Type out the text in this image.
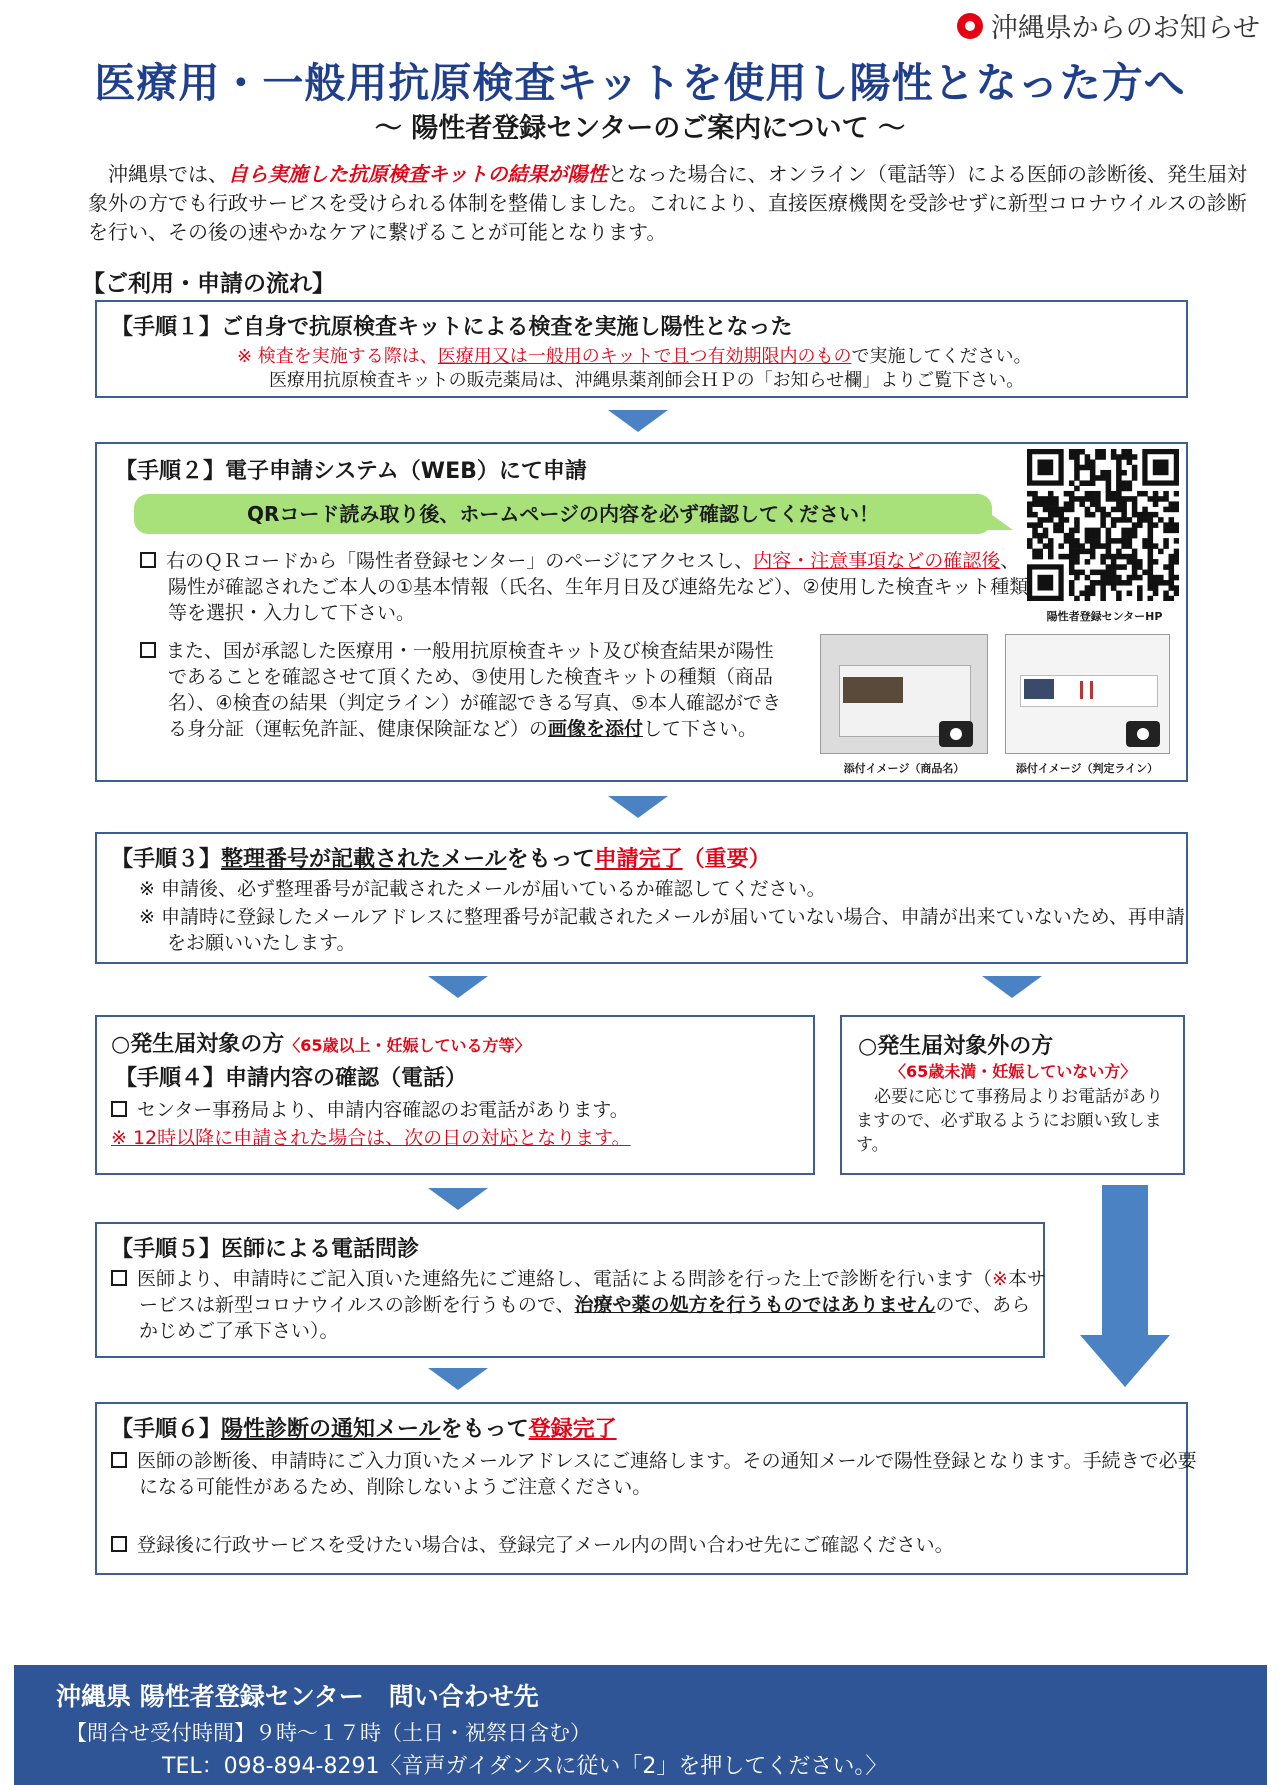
沖縄県からのお知らせ
医療用・一般用抗原検査キットを使用し陽性となった方へ
～ 陽性者登録センターのご案内について ～
沖縄県では、自ら実施した抗原検査キットの結果が陽性となった場合に、オンライン（電話等）による医師の診断後、発生届対象外の方でも行政サービスを受けられる体制を整備しました。これにより、直接医療機関を受診せずに新型コロナウイルスの診断を行い、その後の速やかなケアに繋げることが可能となります。
【ご利用・申請の流れ】
【手順１】ご自身で抗原検査キットによる検査を実施し陽性となった
※ 検査を実施する際は、医療用又は一般用のキットで且つ有効期限内のもので実施してください。
医療用抗原検査キットの販売薬局は、沖縄県薬剤師会ＨＰの「お知らせ欄」よりご覧下さい。
【手順２】電子申請システム（WEB）にて申請
QRコード読み取り後、ホームページの内容を必ず確認してください！
陽性者登録センターHP
右のＱＲコードから「陽性者登録センター」のページにアクセスし、内容・注意事項などの確認後、陽性が確認されたご本人の①基本情報（氏名、生年月日及び連絡先など）、②使用した検査キット種類等を選択・入力して下さい。
また、国が承認した医療用・一般用抗原検査キット及び検査結果が陽性であることを確認させて頂くため、③使用した検査キットの種類（商品名）、④検査の結果（判定ライン）が確認できる写真、⑤本人確認ができる身分証（運転免許証、健康保険証など）の画像を添付して下さい。
添付イメージ（商品名）	添付イメージ（判定ライン）
【手順３】整理番号が記載されたメールをもって申請完了（重要）
※ 申請後、必ず整理番号が記載されたメールが届いているか確認してください。
※ 申請時に登録したメールアドレスに整理番号が記載されたメールが届いていない場合、申請が出来ていないため、再申請をお願いいたします。
○発生届対象の方〈65歳以上・妊娠している方等〉
【手順４】申請内容の確認（電話）
センター事務局より、申請内容確認のお電話があります。
※ 12時以降に申請された場合は、次の日の対応となります。
○発生届対象外の方
〈65歳未満・妊娠していない方〉
必要に応じて事務局よりお電話がありますので、必ず取るようにお願い致します。
【手順５】医師による電話問診
医師より、申請時にご記入頂いた連絡先にご連絡し、電話による問診を行った上で診断を行います（※本サービスは新型コロナウイルスの診断を行うもので、治療や薬の処方を行うものではありませんので、あらかじめご了承下さい）。
【手順６】陽性診断の通知メールをもって登録完了
医師の診断後、申請時にご入力頂いたメールアドレスにご連絡します。その通知メールで陽性登録となります。手続きで必要になる可能性があるため、削除しないようご注意ください。
登録後に行政サービスを受けたい場合は、登録完了メール内の問い合わせ先にご確認ください。
沖縄県 陽性者登録センター　問い合わせ先
【問合せ受付時間】９時～１７時（土日・祝祭日含む）
TEL：098-894-8291〈音声ガイダンスに従い「2」を押してください。〉
